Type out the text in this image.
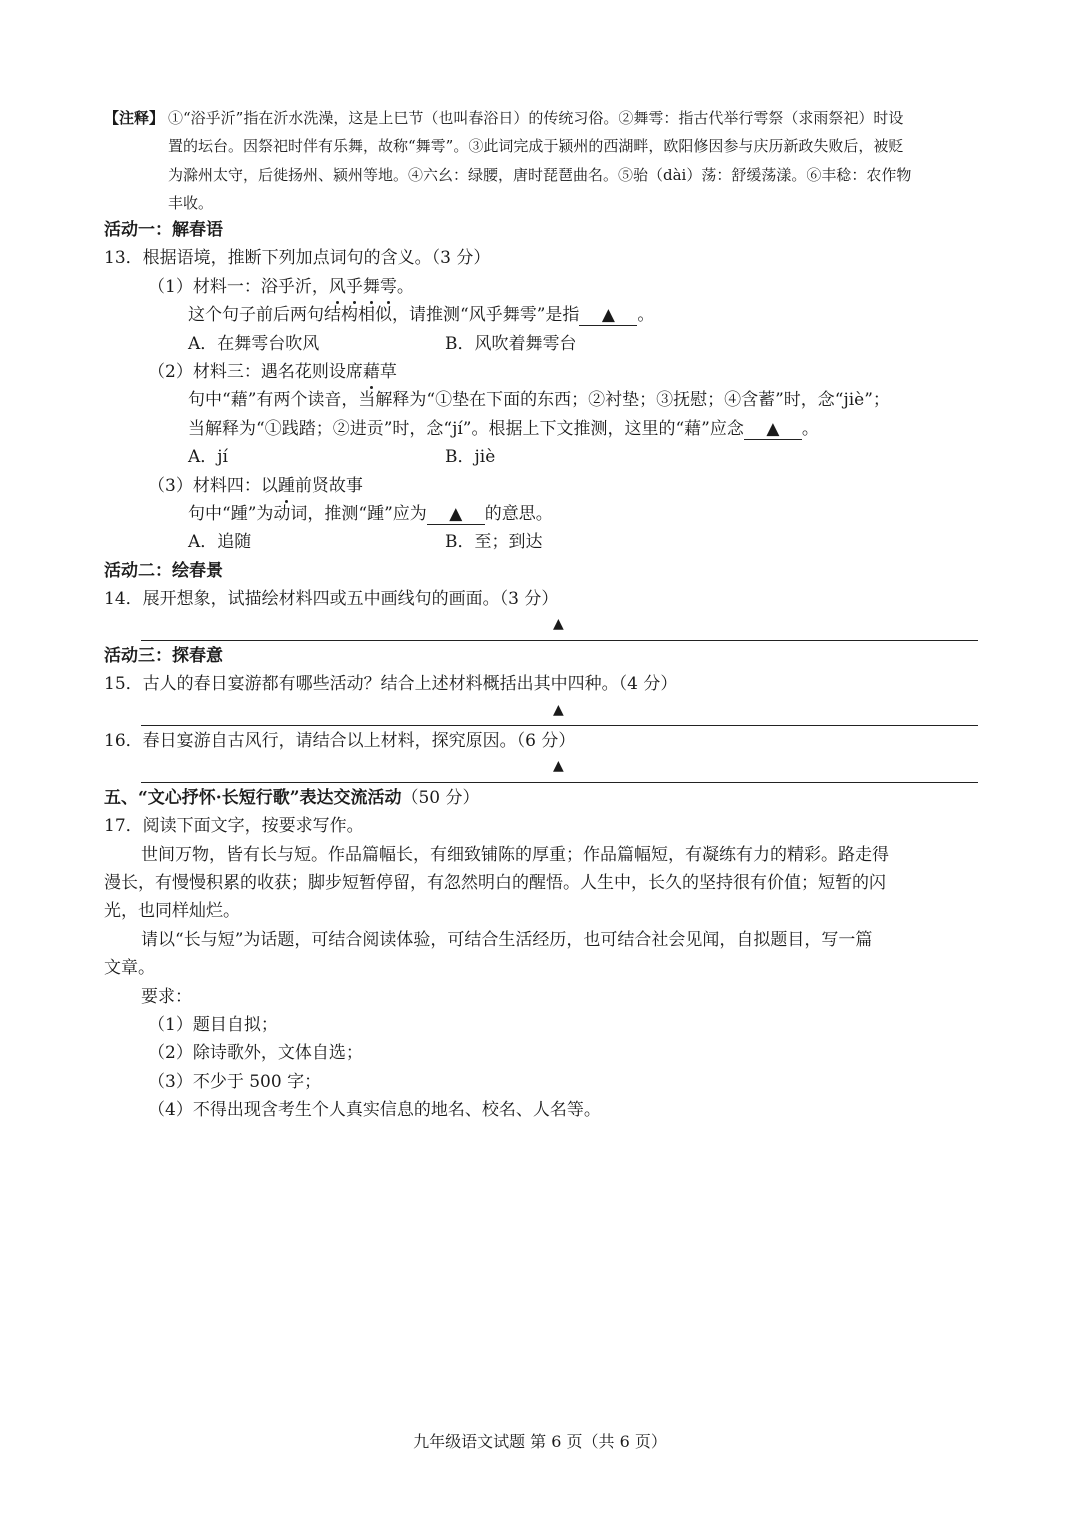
【注释】 ①“浴乎沂”指在沂水洗澡，这是上巳节（也叫春浴日）的传统习俗。②舞雩：指古代举行雩祭（求雨祭祀）时设
置的坛台。因祭祀时伴有乐舞，故称“舞雩”。③此词完成于颍州的西湖畔，欧阳修因参与庆历新政失败后，被贬
为滁州太守，后徙扬州、颍州等地。④六幺：绿腰，唐时琵琶曲名。⑤骀（dài）荡：舒缓荡漾。⑥丰稔：农作物
丰收。
活动一：解春语
13．根据语境，推断下列加点词句的含义。（3 分）
（1）材料一：浴乎沂，风乎舞雩。
这个句子前后两句结构相似，请推测“风乎舞雩”是指 ▲ 。
A．在舞雩台吹风	B．风吹着舞雩台
（2）材料三：遇名花则设席藉草
句中“藉”有两个读音，当解释为“①垫在下面的东西；②衬垫；③抚慰；④含蓄”时，念“jiè”；
当解释为“①践踏；②进贡”时，念“jí”。根据上下文推测，这里的“藉”应念 ▲ 。
A．jí	B．jiè
（3）材料四：以踵前贤故事
句中“踵”为动词，推测“踵”应为 ▲ 的意思。
A．追随	B．至；到达
活动二：绘春景
14．展开想象，试描绘材料四或五中画线句的画面。（3 分）
▲
活动三：探春意
15．古人的春日宴游都有哪些活动？结合上述材料概括出其中四种。（4 分）
▲
16．春日宴游自古风行，请结合以上材料，探究原因。（6 分）
▲
五、“文心抒怀·长短行歌”表达交流活动（50 分）
17．阅读下面文字，按要求写作。
世间万物，皆有长与短。作品篇幅长，有细致铺陈的厚重；作品篇幅短，有凝练有力的精彩。路走得
漫长，有慢慢积累的收获；脚步短暂停留，有忽然明白的醒悟。人生中，长久的坚持很有价值；短暂的闪
光，也同样灿烂。
请以“长与短”为话题，可结合阅读体验，可结合生活经历，也可结合社会见闻，自拟题目，写一篇
文章。
要求：
（1）题目自拟；
（2）除诗歌外，文体自选；
（3）不少于 500 字；
（4）不得出现含考生个人真实信息的地名、校名、人名等。
九年级语文试题 第 6 页（共 6 页）
